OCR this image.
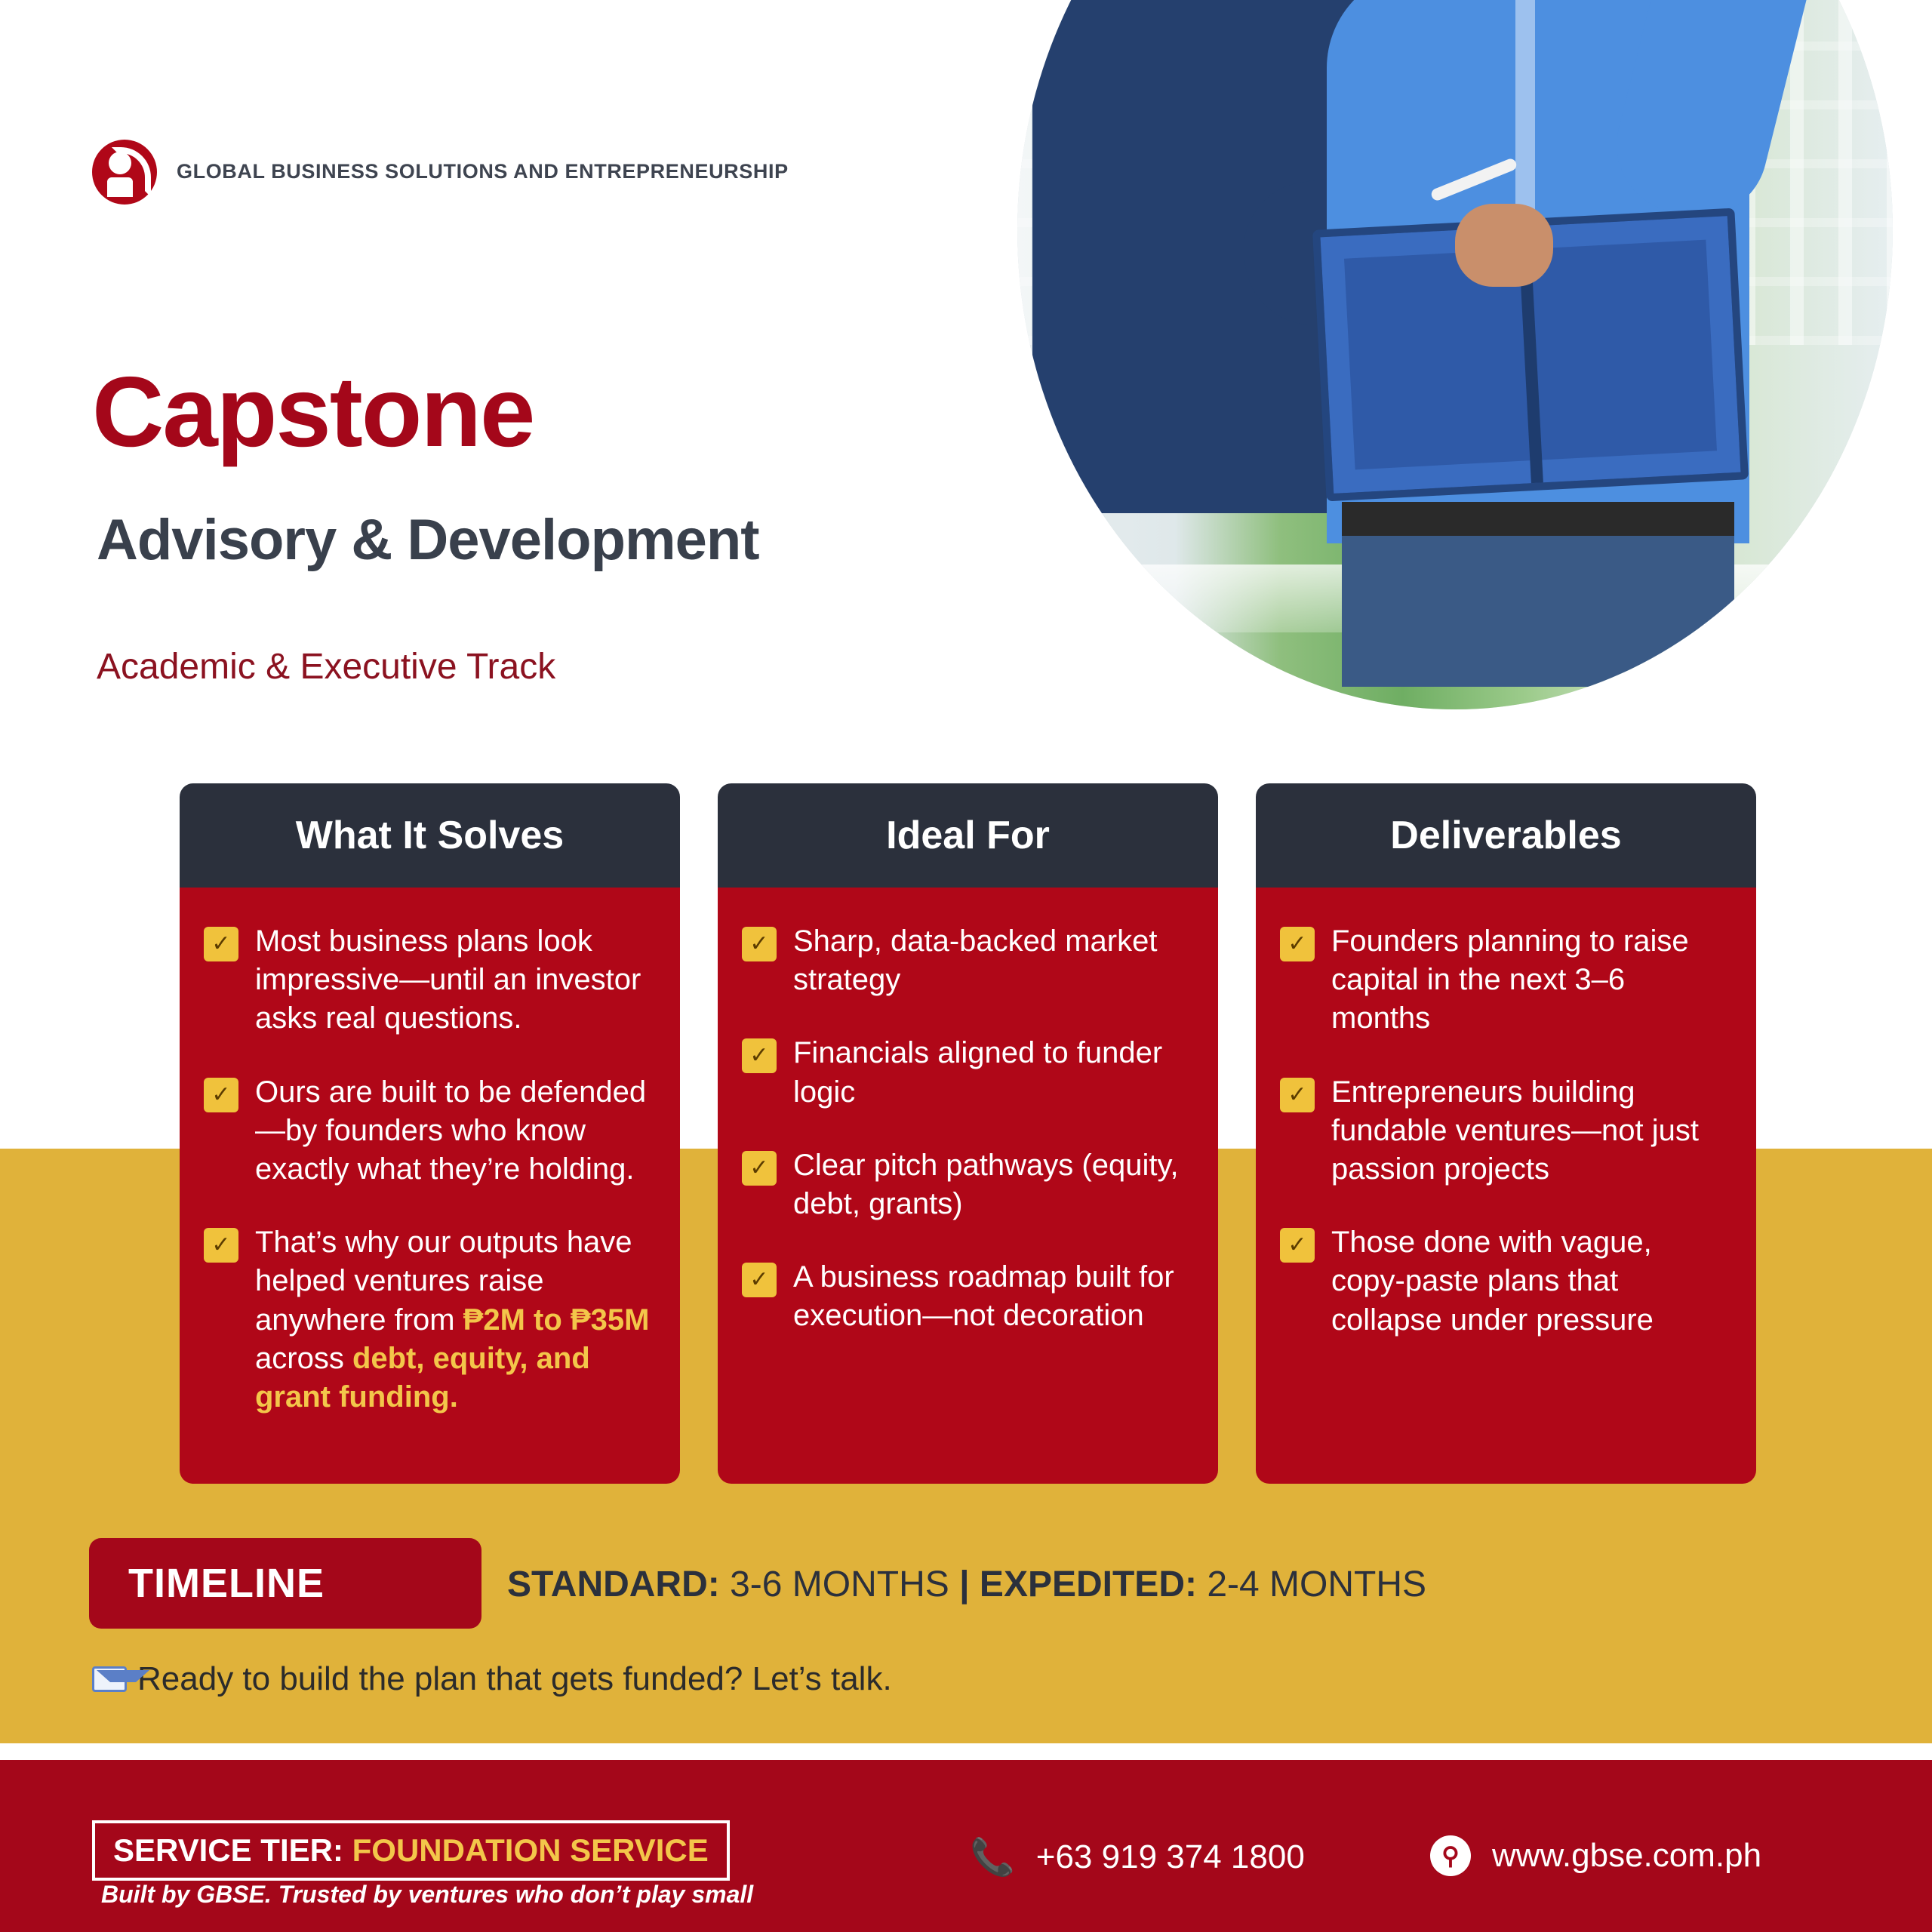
GLOBAL BUSINESS SOLUTIONS AND ENTREPRENEURSHIP
Capstone
Advisory & Development
Academic & Executive Track
What It Solves
✓ Most business plans look impressive—until an investor asks real questions.
✓ Ours are built to be defended—by founders who know exactly what they’re holding.
✓ That’s why our outputs have helped ventures raise anywhere from ₱2M to ₱35M across debt, equity, and grant funding.
Ideal For
✓ Sharp, data-backed market strategy
✓ Financials aligned to funder logic
✓ Clear pitch pathways (equity, debt, grants)
✓ A business roadmap built for execution—not decoration
Deliverables
✓ Founders planning to raise capital in the next 3–6 months
✓ Entrepreneurs building fundable ventures—not just passion projects
✓ Those done with vague, copy-paste plans that collapse under pressure
TIMELINE	STANDARD: 3-6 MONTHS | EXPEDITED: 2-4 MONTHS
Ready to build the plan that gets funded? Let’s talk.
SERVICE TIER: FOUNDATION SERVICE
Built by GBSE. Trusted by ventures who don’t play small
📞 +63 919 374 1800	⚲ www.gbse.com.ph
